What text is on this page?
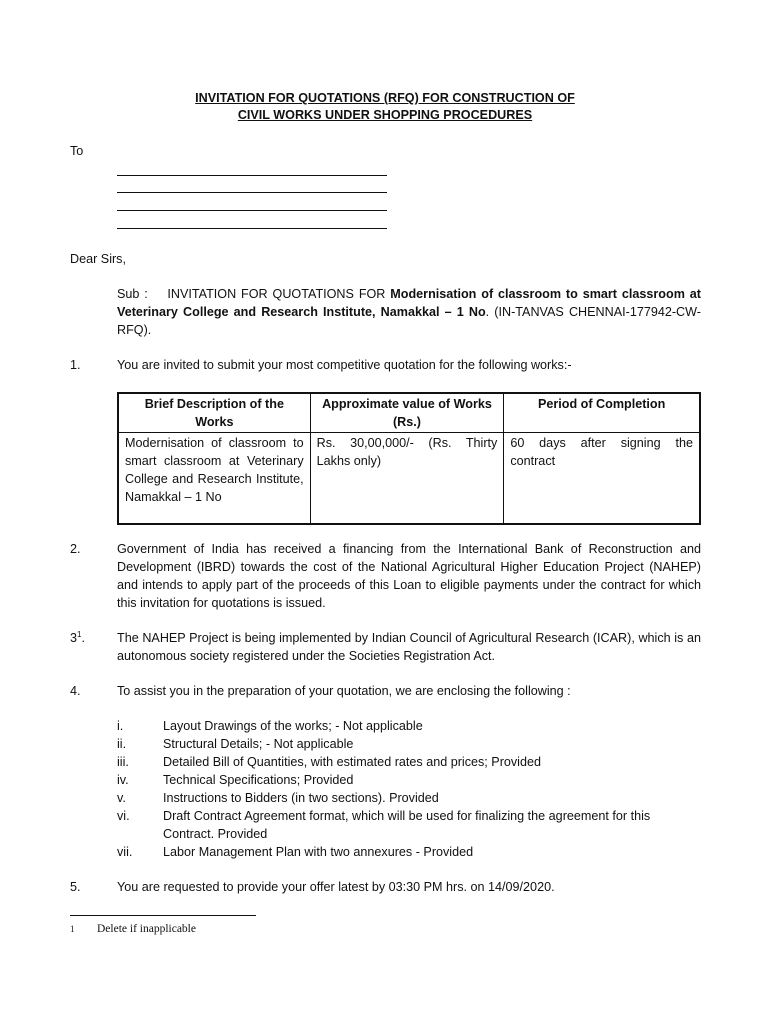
INVITATION FOR QUOTATIONS (RFQ) FOR CONSTRUCTION OF
CIVIL WORKS UNDER SHOPPING PROCEDURES
To
Dear Sirs,
Sub :    INVITATION FOR QUOTATIONS FOR Modernisation of classroom to smart classroom at Veterinary College and Research Institute, Namakkal – 1 No. (IN-TANVAS CHENNAI-177942-CW-RFQ).
1.	You are invited to submit your most competitive quotation for the following works:-
Brief Description of the Works	Approximate value of Works (Rs.)	Period of Completion
Modernisation of classroom to smart classroom at Veterinary College and Research Institute, Namakkal – 1 No	Rs. 30,00,000/- (Rs. Thirty Lakhs only)	60 days after signing the contract
2.	Government of India has received a financing from the International Bank of Reconstruction and Development (IBRD) towards the cost of the National Agricultural Higher Education Project (NAHEP) and intends to apply part of the proceeds of this Loan to eligible payments under the contract for which this invitation for quotations is issued.
$3^1$.	The NAHEP Project is being implemented by Indian Council of Agricultural Research (ICAR), which is an autonomous society registered under the Societies Registration Act.
4.	To assist you in the preparation of your quotation, we are enclosing the following :
i.	Layout Drawings of the works; - Not applicable
ii.	Structural Details; - Not applicable
iii.	Detailed Bill of Quantities, with estimated rates and prices; Provided
iv.	Technical Specifications; Provided
v.	Instructions to Bidders (in two sections). Provided
vi.	Draft Contract Agreement format, which will be used for finalizing the agreement for this Contract. Provided
vii. Labor Management Plan with two annexures - Provided
5.	You are requested to provide your offer latest by 03:30 PM hrs. on 14/09/2020.
1 Delete if inapplicable
